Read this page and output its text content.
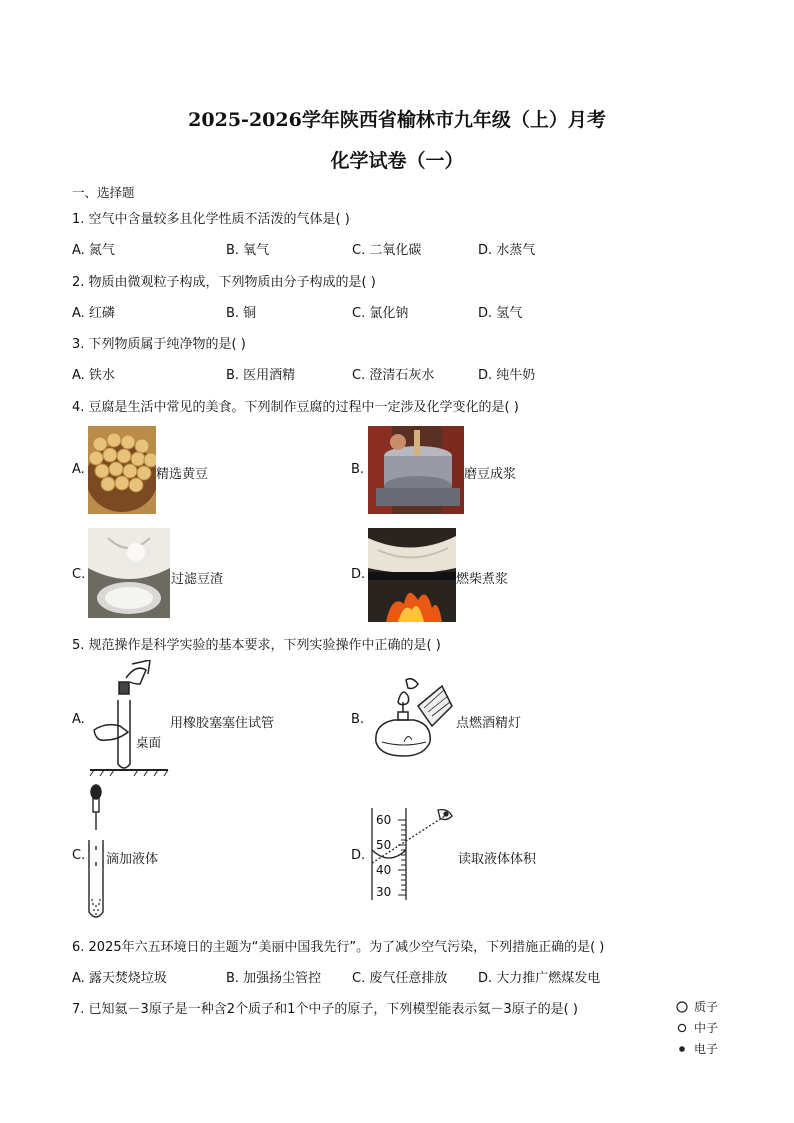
2025-2026学年陕西省榆林市九年级（上）月考
化学试卷（一）
一、选择题
1. 空气中含量较多且化学性质不活泼的气体是( )
A. 氮气	B. 氧气	C. 二氧化碳	D. 水蒸气
2. 物质由微观粒子构成，下列物质由分子构成的是( )
A. 红磷	B. 铜	C. 氯化钠	D. 氢气
3. 下列物质属于纯净物的是( )
A. 铁水	B. 医用酒精	C. 澄清石灰水	D. 纯牛奶
4. 豆腐是生活中常见的美食。下列制作豆腐的过程中一定涉及化学变化的是( )
A.	精选黄豆	B.	磨豆成浆
C.	过滤豆渣	D.	燃柴煮浆
5. 规范操作是科学实验的基本要求，下列实验操作中正确的是( )
A.
桌面
用橡胶塞塞住试管	B.	点燃酒精灯
C. 滴加液体	D.
60
50
40
30
读取液体体积
6. 2025年六五环境日的主题为“美丽中国我先行”。为了减少空气污染，下列措施正确的是( )
A. 露天焚烧垃圾	B. 加强扬尘管控 C. 废气任意排放 D. 大力推广燃煤发电
7. 已知氦－3原子是一种含2个质子和1个中子的原子，下列模型能表示氦－3原子的是( )	质子
中子
电子
